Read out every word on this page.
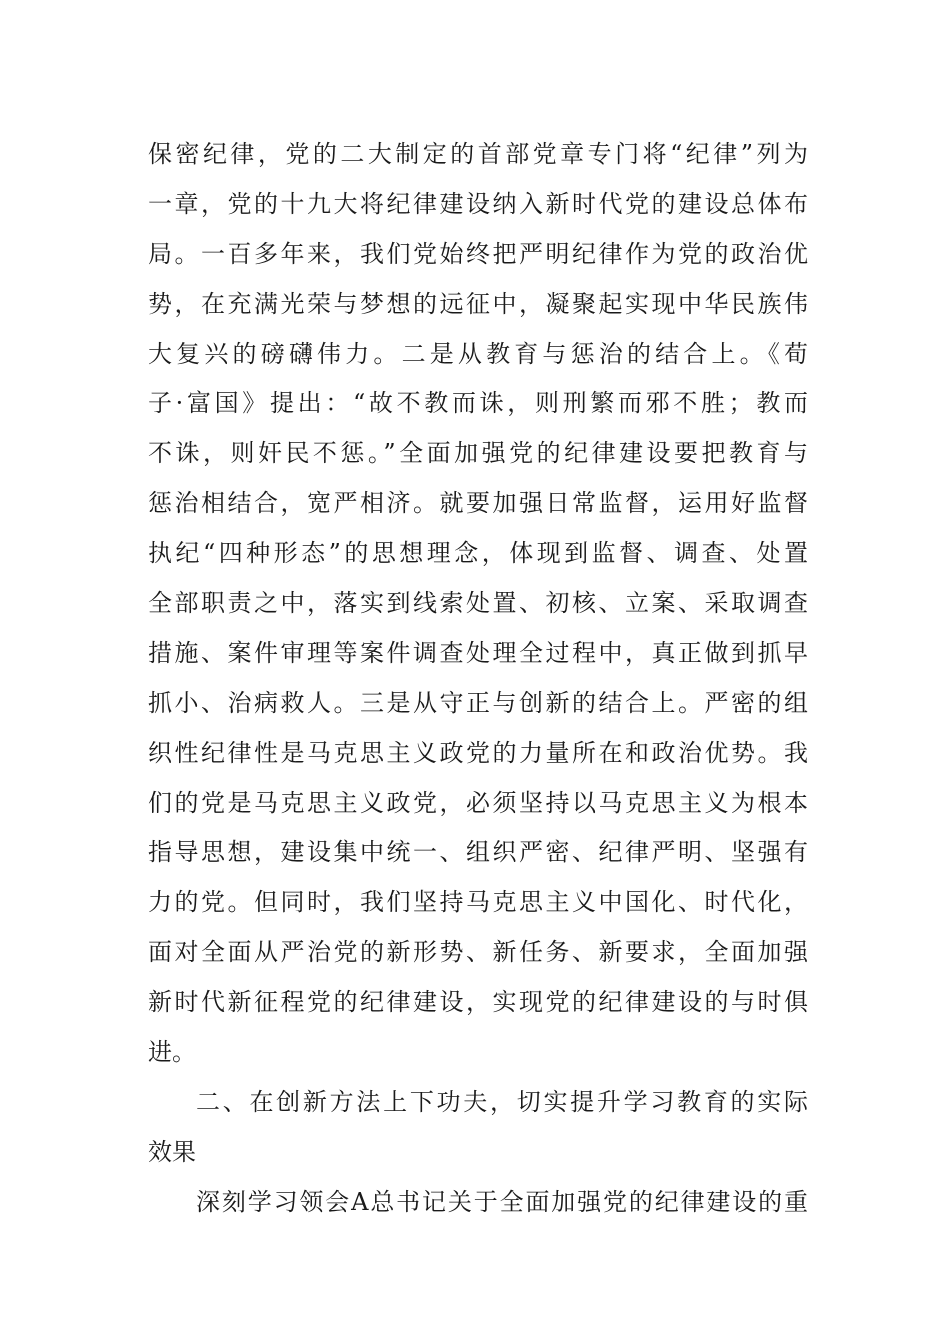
保密纪律，党的二大制定的首部党章专门将“纪律”列为
一章，党的十九大将纪律建设纳入新时代党的建设总体布
局。一百多年来，我们党始终把严明纪律作为党的政治优
势，在充满光荣与梦想的远征中，凝聚起实现中华民族伟
大复兴的磅礴伟力。二是从教育与惩治的结合上。《荀
子·富国》提出：“故不教而诛，则刑繁而邪不胜；教而
不诛，则奸民不惩。”全面加强党的纪律建设要把教育与
惩治相结合，宽严相济。就要加强日常监督，运用好监督
执纪“四种形态”的思想理念，体现到监督、调查、处置
全部职责之中，落实到线索处置、初核、立案、采取调查
措施、案件审理等案件调查处理全过程中，真正做到抓早
抓小、治病救人。三是从守正与创新的结合上。严密的组
织性纪律性是马克思主义政党的力量所在和政治优势。我
们的党是马克思主义政党，必须坚持以马克思主义为根本
指导思想，建设集中统一、组织严密、纪律严明、坚强有
力的党。但同时，我们坚持马克思主义中国化、时代化，
面对全面从严治党的新形势、新任务、新要求，全面加强
新时代新征程党的纪律建设，实现党的纪律建设的与时俱
进。
二、在创新方法上下功夫，切实提升学习教育的实际
效果
深刻学习领会A总书记关于全面加强党的纪律建设的重
